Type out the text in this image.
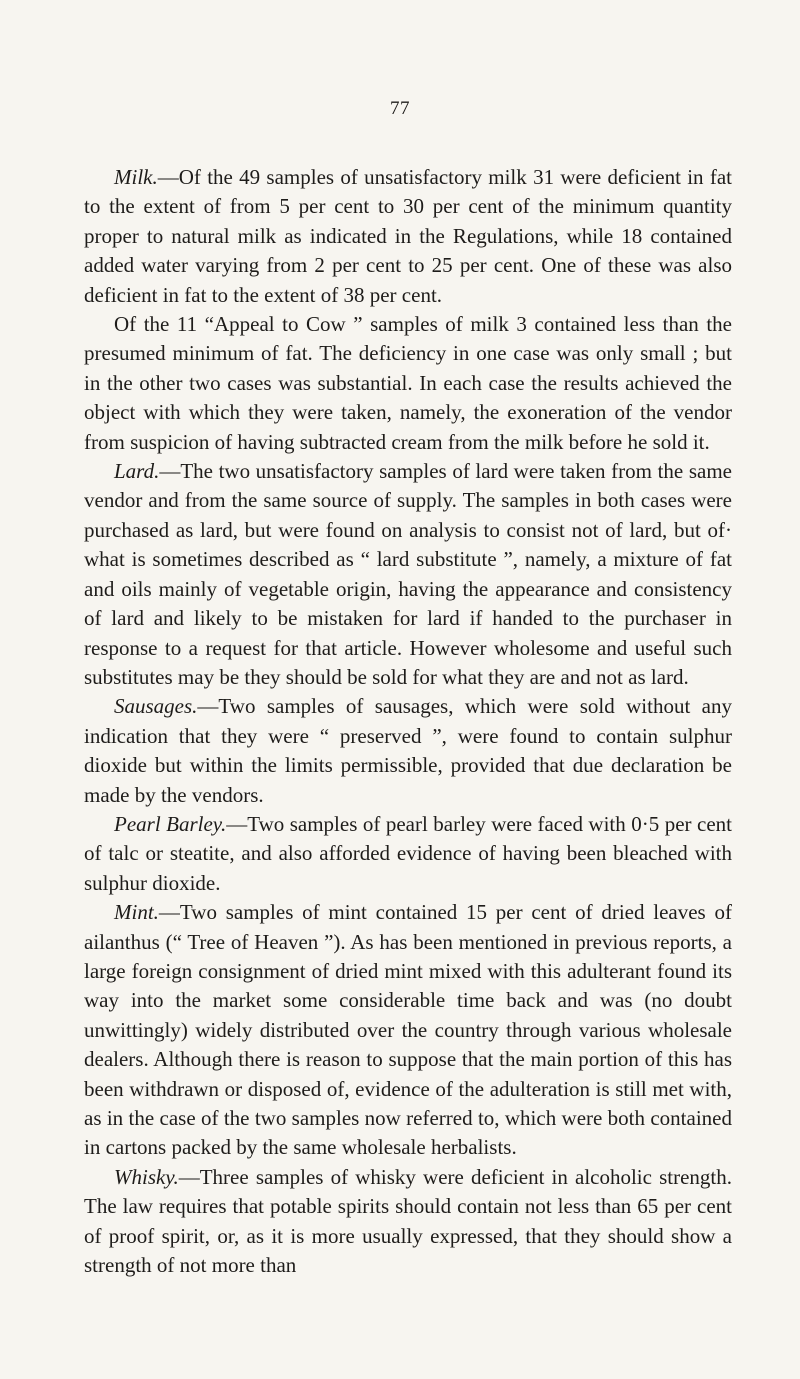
77

Milk.—Of the 49 samples of unsatisfactory milk 31 were deficient in fat to the extent of from 5 per cent to 30 per cent of the minimum quantity proper to natural milk as indicated in the Regulations, while 18 contained added water varying from 2 per cent to 25 per cent. One of these was also deficient in fat to the extent of 38 per cent.

Of the 11 “Appeal to Cow ” samples of milk 3 contained less than the presumed minimum of fat. The deficiency in one case was only small ; but in the other two cases was substantial. In each case the results achieved the object with which they were taken, namely, the exoneration of the vendor from suspicion of having subtracted cream from the milk before he sold it.

Lard.—The two unsatisfactory samples of lard were taken from the same vendor and from the same source of supply. The samples in both cases were purchased as lard, but were found on analysis to consist not of lard, but of· what is sometimes described as “ lard substitute ”, namely, a mixture of fat and oils mainly of vegetable origin, having the appearance and consistency of lard and likely to be mistaken for lard if handed to the purchaser in response to a request for that article. However wholesome and useful such substitutes may be they should be sold for what they are and not as lard.

Sausages.—Two samples of sausages, which were sold without any indication that they were “ preserved ”, were found to contain sulphur dioxide but within the limits permissible, provided that due declaration be made by the vendors.

Pearl Barley.—Two samples of pearl barley were faced with 0·5 per cent of talc or steatite, and also afforded evidence of having been bleached with sulphur dioxide.

Mint.—Two samples of mint contained 15 per cent of dried leaves of ailanthus (“ Tree of Heaven ”). As has been mentioned in previous reports, a large foreign consignment of dried mint mixed with this adulterant found its way into the market some considerable time back and was (no doubt unwittingly) widely distributed over the country through various wholesale dealers. Although there is reason to suppose that the main portion of this has been withdrawn or disposed of, evidence of the adulteration is still met with, as in the case of the two samples now referred to, which were both contained in cartons packed by the same wholesale herbalists.

Whisky.—Three samples of whisky were deficient in alcoholic strength. The law requires that potable spirits should contain not less than 65 per cent of proof spirit, or, as it is more usually expressed, that they should show a strength of not more than
